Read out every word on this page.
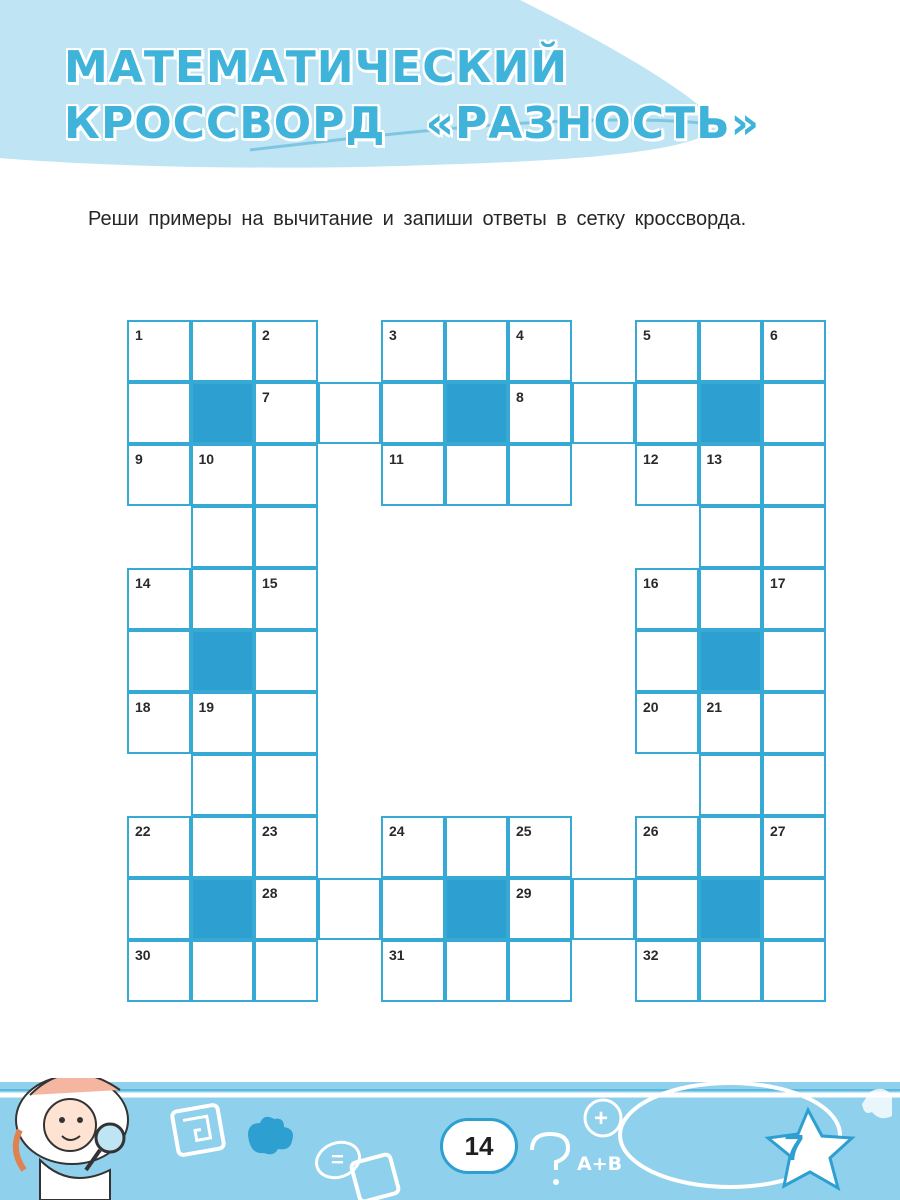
МАТЕМАТИЧЕСКИЙ
КРОССВОРД «РАЗНОСТЬ»

Реши примеры на вычитание и запиши ответы в сетку кроссворда.

1	2
7
9	10
3	4
8
11
5	6
12	13
14	15
18	19
16	17
20	21
22	23
28
30
24	25
29
31
26	27
32
=
+
7
14
A+B
